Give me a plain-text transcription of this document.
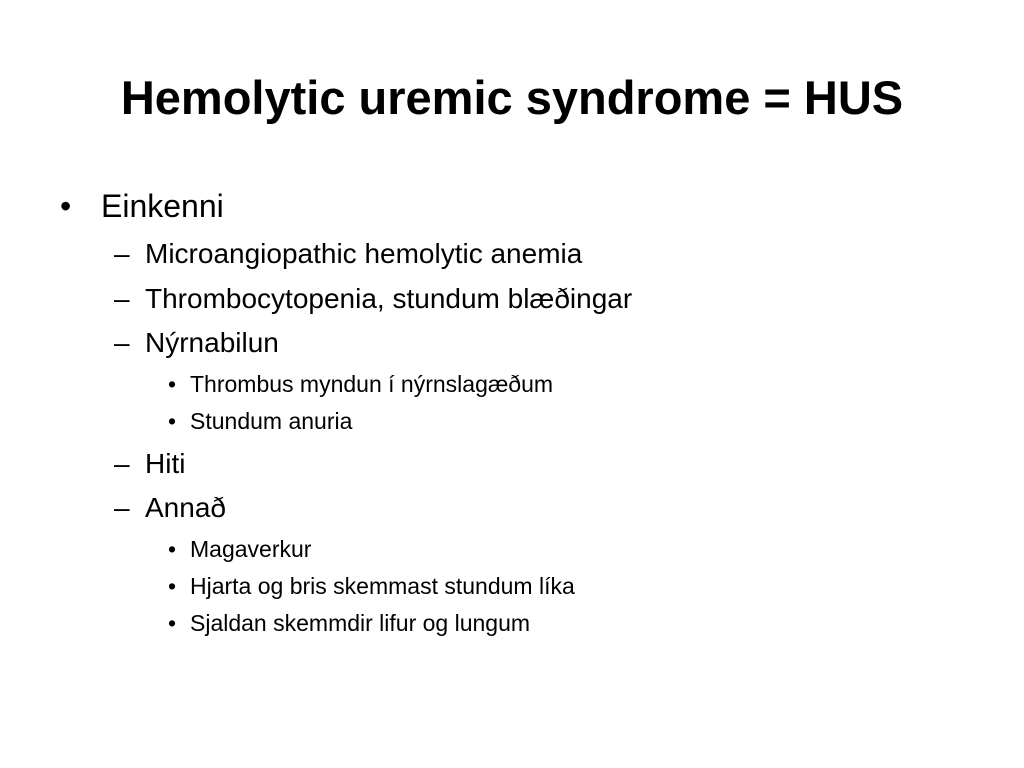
Hemolytic uremic syndrome = HUS
• Einkenni
– Microangiopathic hemolytic anemia
– Thrombocytopenia, stundum blæðingar
– Nýrnabilun
• Thrombus myndun í nýrnslagæðum
• Stundum anuria
– Hiti
– Annað
• Magaverkur
• Hjarta og bris skemmast stundum líka
• Sjaldan skemmdir lifur og lungum
